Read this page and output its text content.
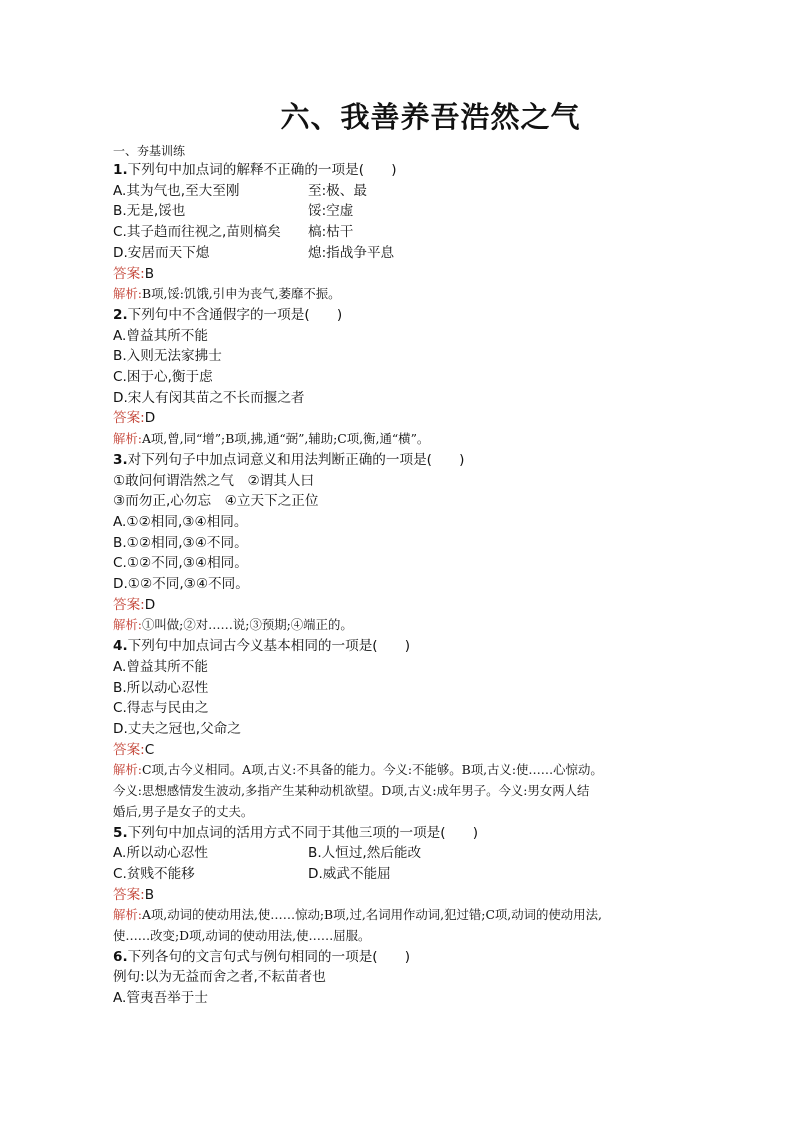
六、我善养吾浩然之气
一、夯基训练
1.下列句中加点词的解释不正确的一项是(　　)
A.其为气也,至大至刚	至:极、最
B.无是,馁也	馁:空虚
C.其子趋而往视之,苗则槁矣	槁:枯干
D.安居而天下熄	熄:指战争平息
答案:B
解析:B项,馁:饥饿,引申为丧气,萎靡不振。
2.下列句中不含通假字的一项是(　　)
A.曾益其所不能
B.入则无法家拂士
C.困于心,衡于虑
D.宋人有闵其苗之不长而揠之者
答案:D
解析:A项,曾,同“增”;B项,拂,通“弼”,辅助;C项,衡,通“横”。
3.对下列句子中加点词意义和用法判断正确的一项是(　　)
①敢问何谓浩然之气　②谓其人曰
③而勿正,心勿忘　④立天下之正位
A.①②相同,③④相同。
B.①②相同,③④不同。
C.①②不同,③④相同。
D.①②不同,③④不同。
答案:D
解析:①叫做;②对……说;③预期;④端正的。
4.下列句中加点词古今义基本相同的一项是(　　)
A.曾益其所不能
B.所以动心忍性
C.得志与民由之
D.丈夫之冠也,父命之
答案:C
解析:C项,古今义相同。A项,古义:不具备的能力。今义:不能够。B项,古义:使……心惊动。
今义:思想感情发生波动,多指产生某种动机欲望。D项,古义:成年男子。今义:男女两人结
婚后,男子是女子的丈夫。
5.下列句中加点词的活用方式不同于其他三项的一项是(　　)
A.所以动心忍性	B.人恒过,然后能改
C.贫贱不能移	D.威武不能屈
答案:B
解析:A项,动词的使动用法,使……惊动;B项,过,名词用作动词,犯过错;C项,动词的使动用法,
使……改变;D项,动词的使动用法,使……屈服。
6.下列各句的文言句式与例句相同的一项是(　　)
例句:以为无益而舍之者,不耘苗者也
A.管夷吾举于士
